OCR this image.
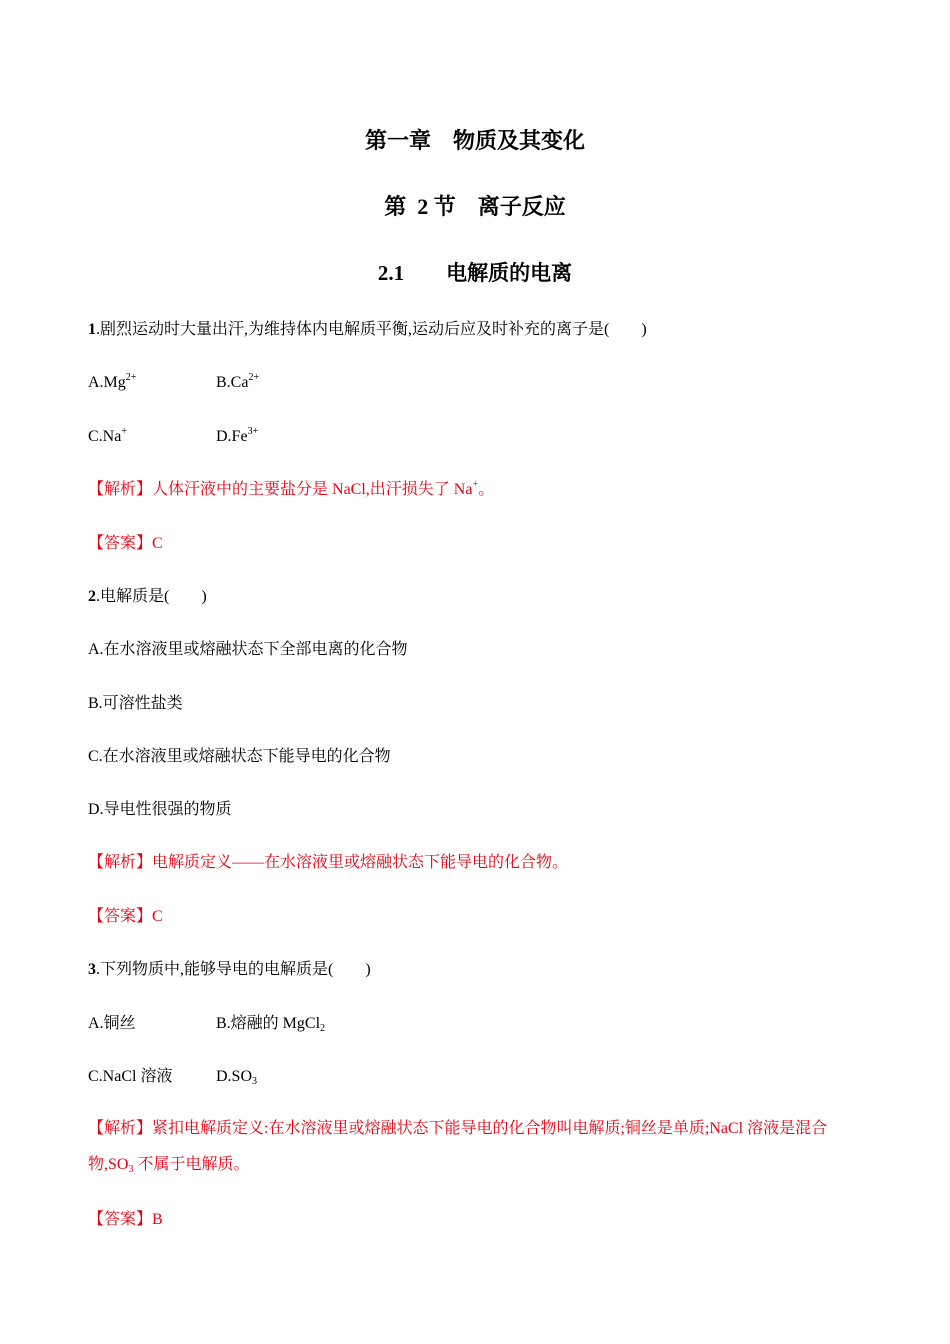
第一章    物质及其变化
第  2 节    离子反应
2.1        电解质的电离
1.剧烈运动时大量出汗,为维持体内电解质平衡,运动后应及时补充的离子是(        )
$A.Mg^{2+}$	$B.Ca^{2+}$
C.Na+	$D.Fe^{3+}$
【解析】人体汗液中的主要盐分是 NaCl,出汗损失了 Na+。
【答案】C
2.电解质是(        )
A.在水溶液里或熔融状态下全部电离的化合物
B.可溶性盐类
C.在水溶液里或熔融状态下能导电的化合物
D.导电性很强的物质
【解析】电解质定义——在水溶液里或熔融状态下能导电的化合物。
【答案】C
3.下列物质中,能够导电的电解质是(        )
A.铜丝	B.熔融的 MgCl$_2$
C.NaCl 溶液	$D.SO_3$
【解析】紧扣电解质定义:在水溶液里或熔融状态下能导电的化合物叫电解质;铜丝是单质;NaCl 溶液是混合物$,SO_3$ 不属于电解质。
【答案】B
